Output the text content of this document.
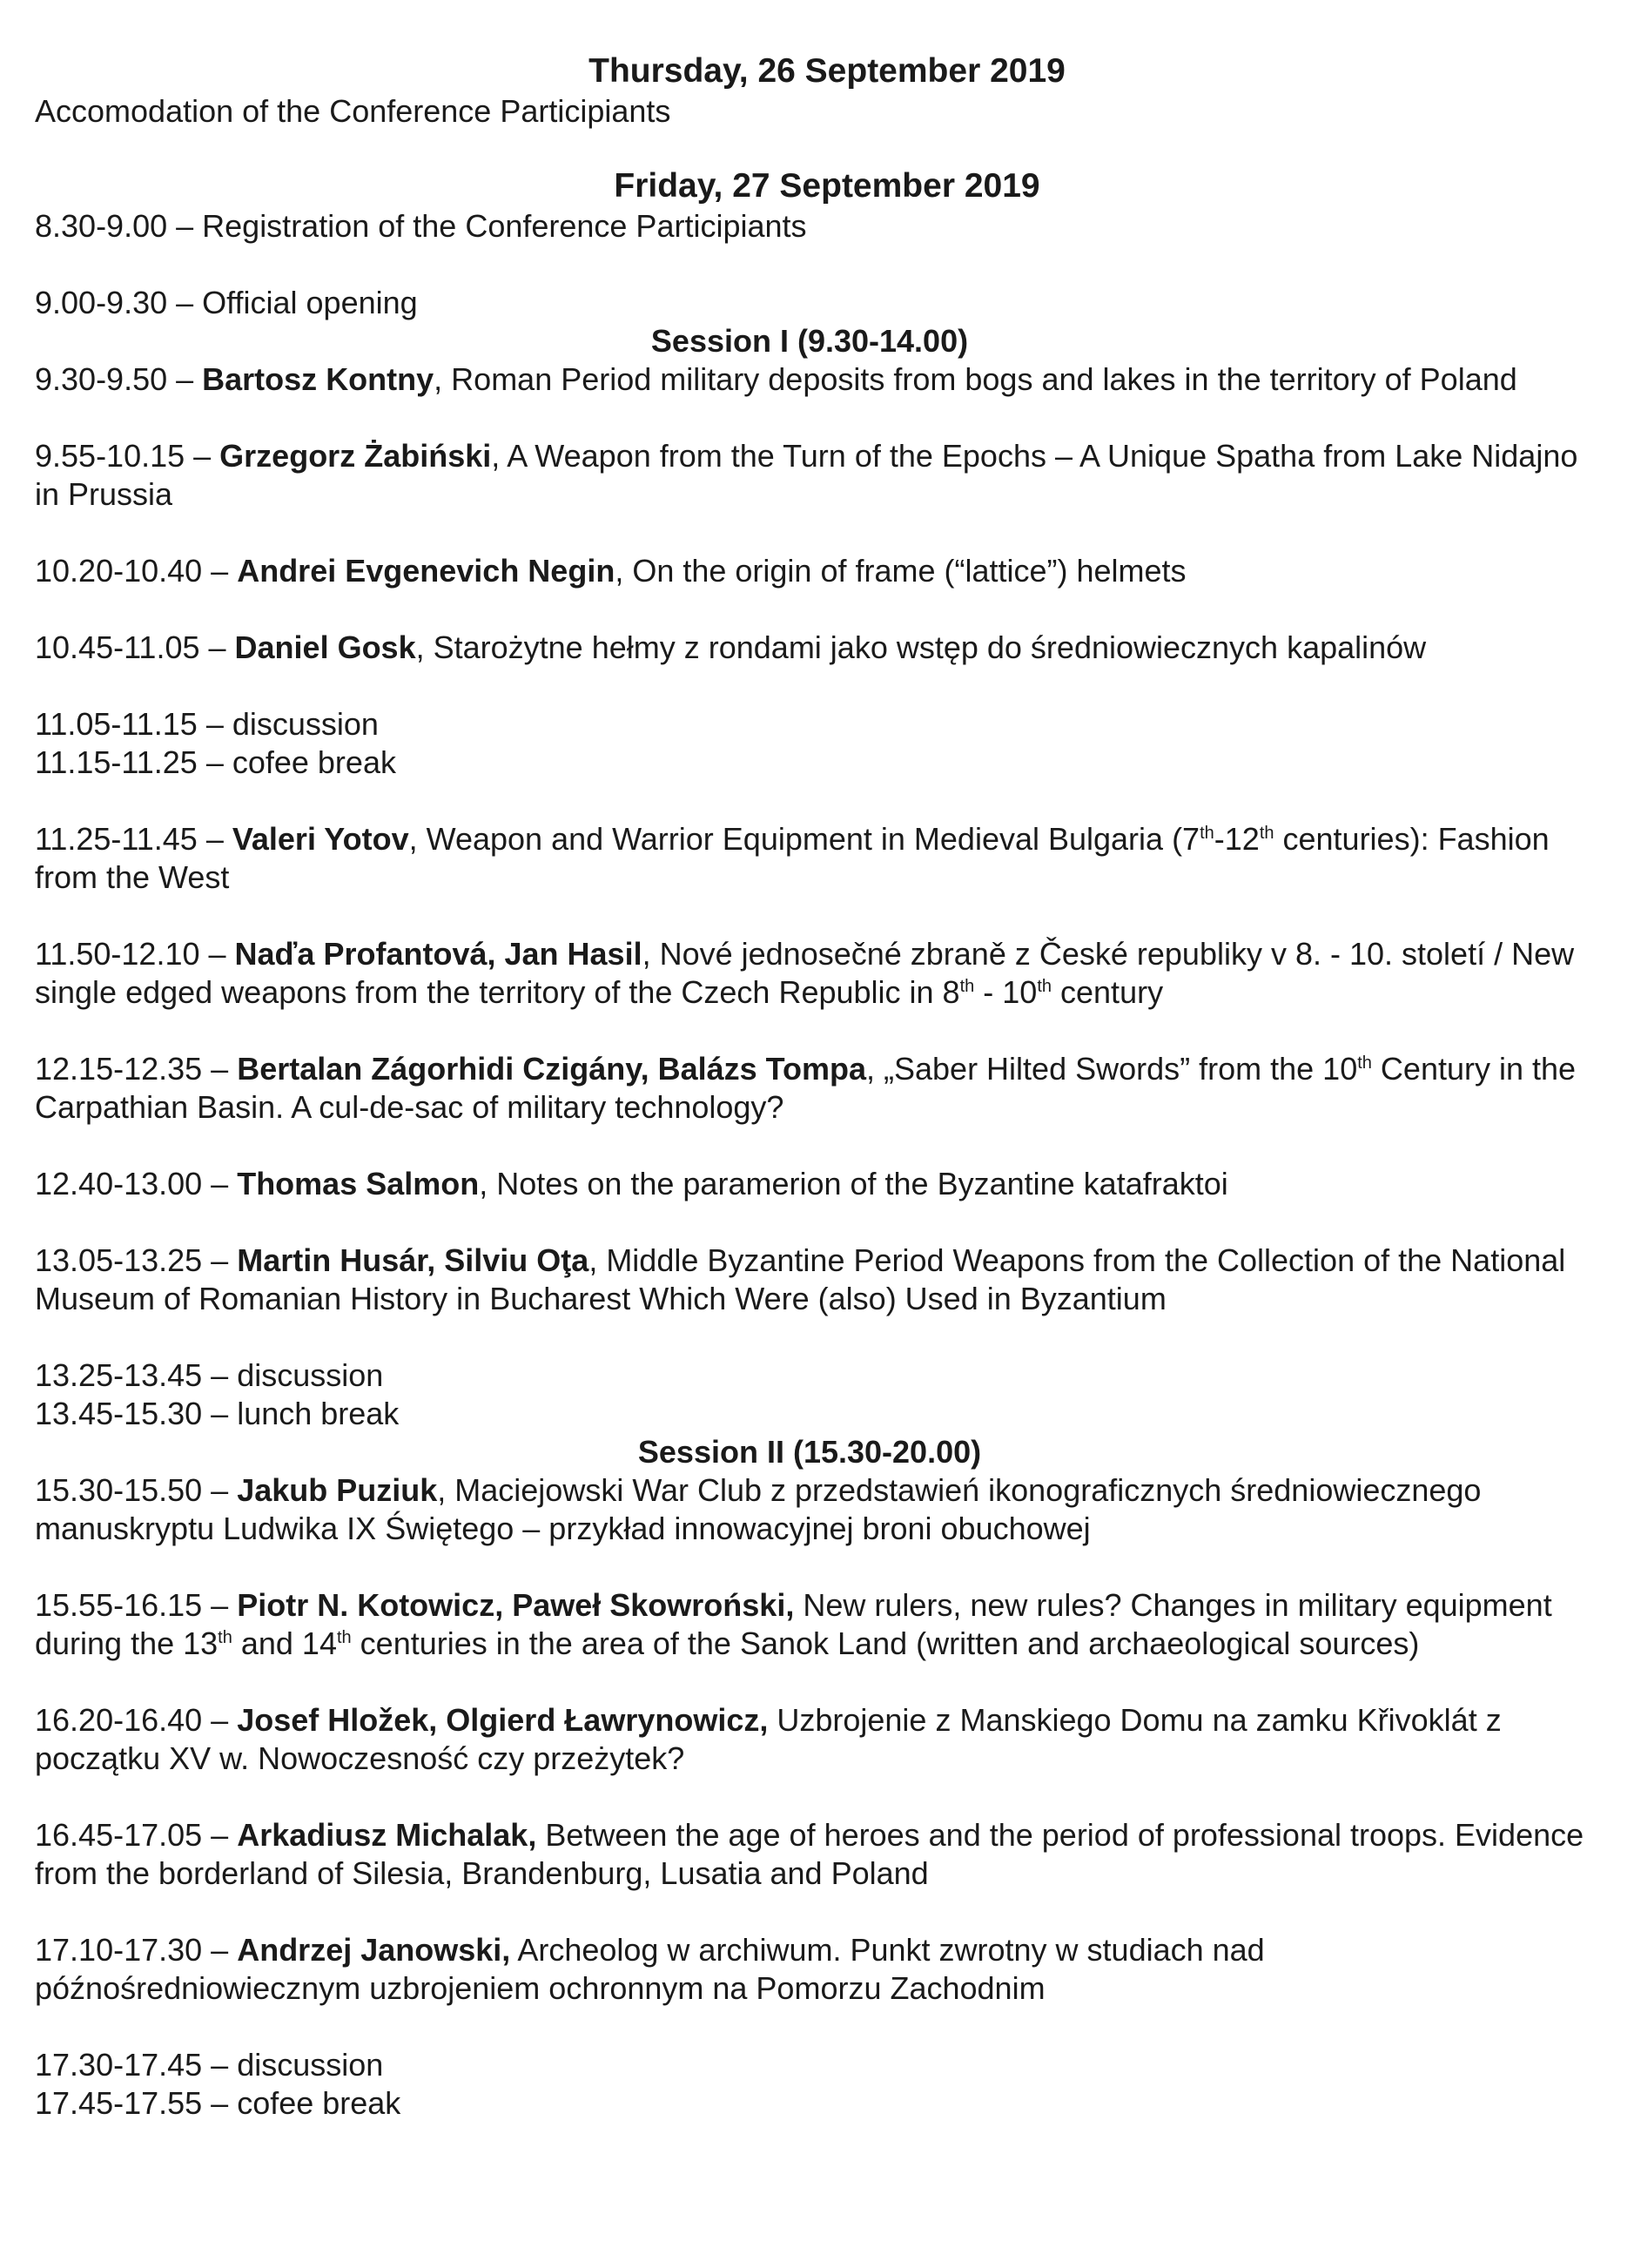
Thursday, 26 September 2019

Accomodation of the Conference Participiants

Friday, 27 September 2019

8.30-9.00 – Registration of the Conference Participiants

9.00-9.30 – Official opening

Session I (9.30-14.00)

9.30-9.50 – Bartosz Kontny, Roman Period military deposits from bogs and lakes in the territory of Poland

9.55-10.15 – Grzegorz Żabiński, A Weapon from the Turn of the Epochs – A Unique Spatha from Lake Nidajno in Prussia

10.20-10.40 – Andrei Evgenevich Negin, On the origin of frame (“lattice”) helmets

10.45-11.05 – Daniel Gosk, Starożytne hełmy z rondami jako wstęp do średniowiecznych kapalinów

11.05-11.15 – discussion

11.15-11.25 – cofee break

11.25-11.45 – Valeri Yotov, Weapon and Warrior Equipment in Medieval Bulgaria (7th-12th centuries): Fashion from the West

11.50-12.10 – Naďa Profantová, Jan Hasil, Nové jednosečné zbraně z České republiky v 8. - 10. století / New single edged weapons from the territory of the Czech Republic in 8th - 10th century

12.15-12.35 – Bertalan Zágorhidi Czigány, Balázs Tompa, „Saber Hilted Swords” from the 10th Century in the Carpathian Basin. A cul-de-sac of military technology?

12.40-13.00 – Thomas Salmon, Notes on the paramerion of the Byzantine katafraktoi

13.05-13.25 – Martin Husár, Silviu Oţa, Middle Byzantine Period Weapons from the Collection of the National Museum of Romanian History in Bucharest Which Were (also) Used in Byzantium

13.25-13.45 – discussion

13.45-15.30 – lunch break

Session II (15.30-20.00)

15.30-15.50 – Jakub Puziuk, Maciejowski War Club z przedstawień ikonograficznych średniowiecznego manuskryptu Ludwika IX Świętego – przykład innowacyjnej broni obuchowej

15.55-16.15 – Piotr N. Kotowicz, Paweł Skowroński, New rulers, new rules? Changes in military equipment during the 13th and 14th centuries in the area of the Sanok Land (written and archaeological sources)

16.20-16.40 – Josef Hložek, Olgierd Ławrynowicz, Uzbrojenie z Manskiego Domu na zamku Křivoklát z początku XV w. Nowoczesność czy przeżytek?

16.45-17.05 – Arkadiusz Michalak, Between the age of heroes and the period of professional troops. Evidence from the borderland of Silesia, Brandenburg, Lusatia and Poland

17.10-17.30 – Andrzej Janowski, Archeolog w archiwum. Punkt zwrotny w studiach nad późnośredniowiecznym uzbrojeniem ochronnym na Pomorzu Zachodnim

17.30-17.45 – discussion

17.45-17.55 – cofee break
